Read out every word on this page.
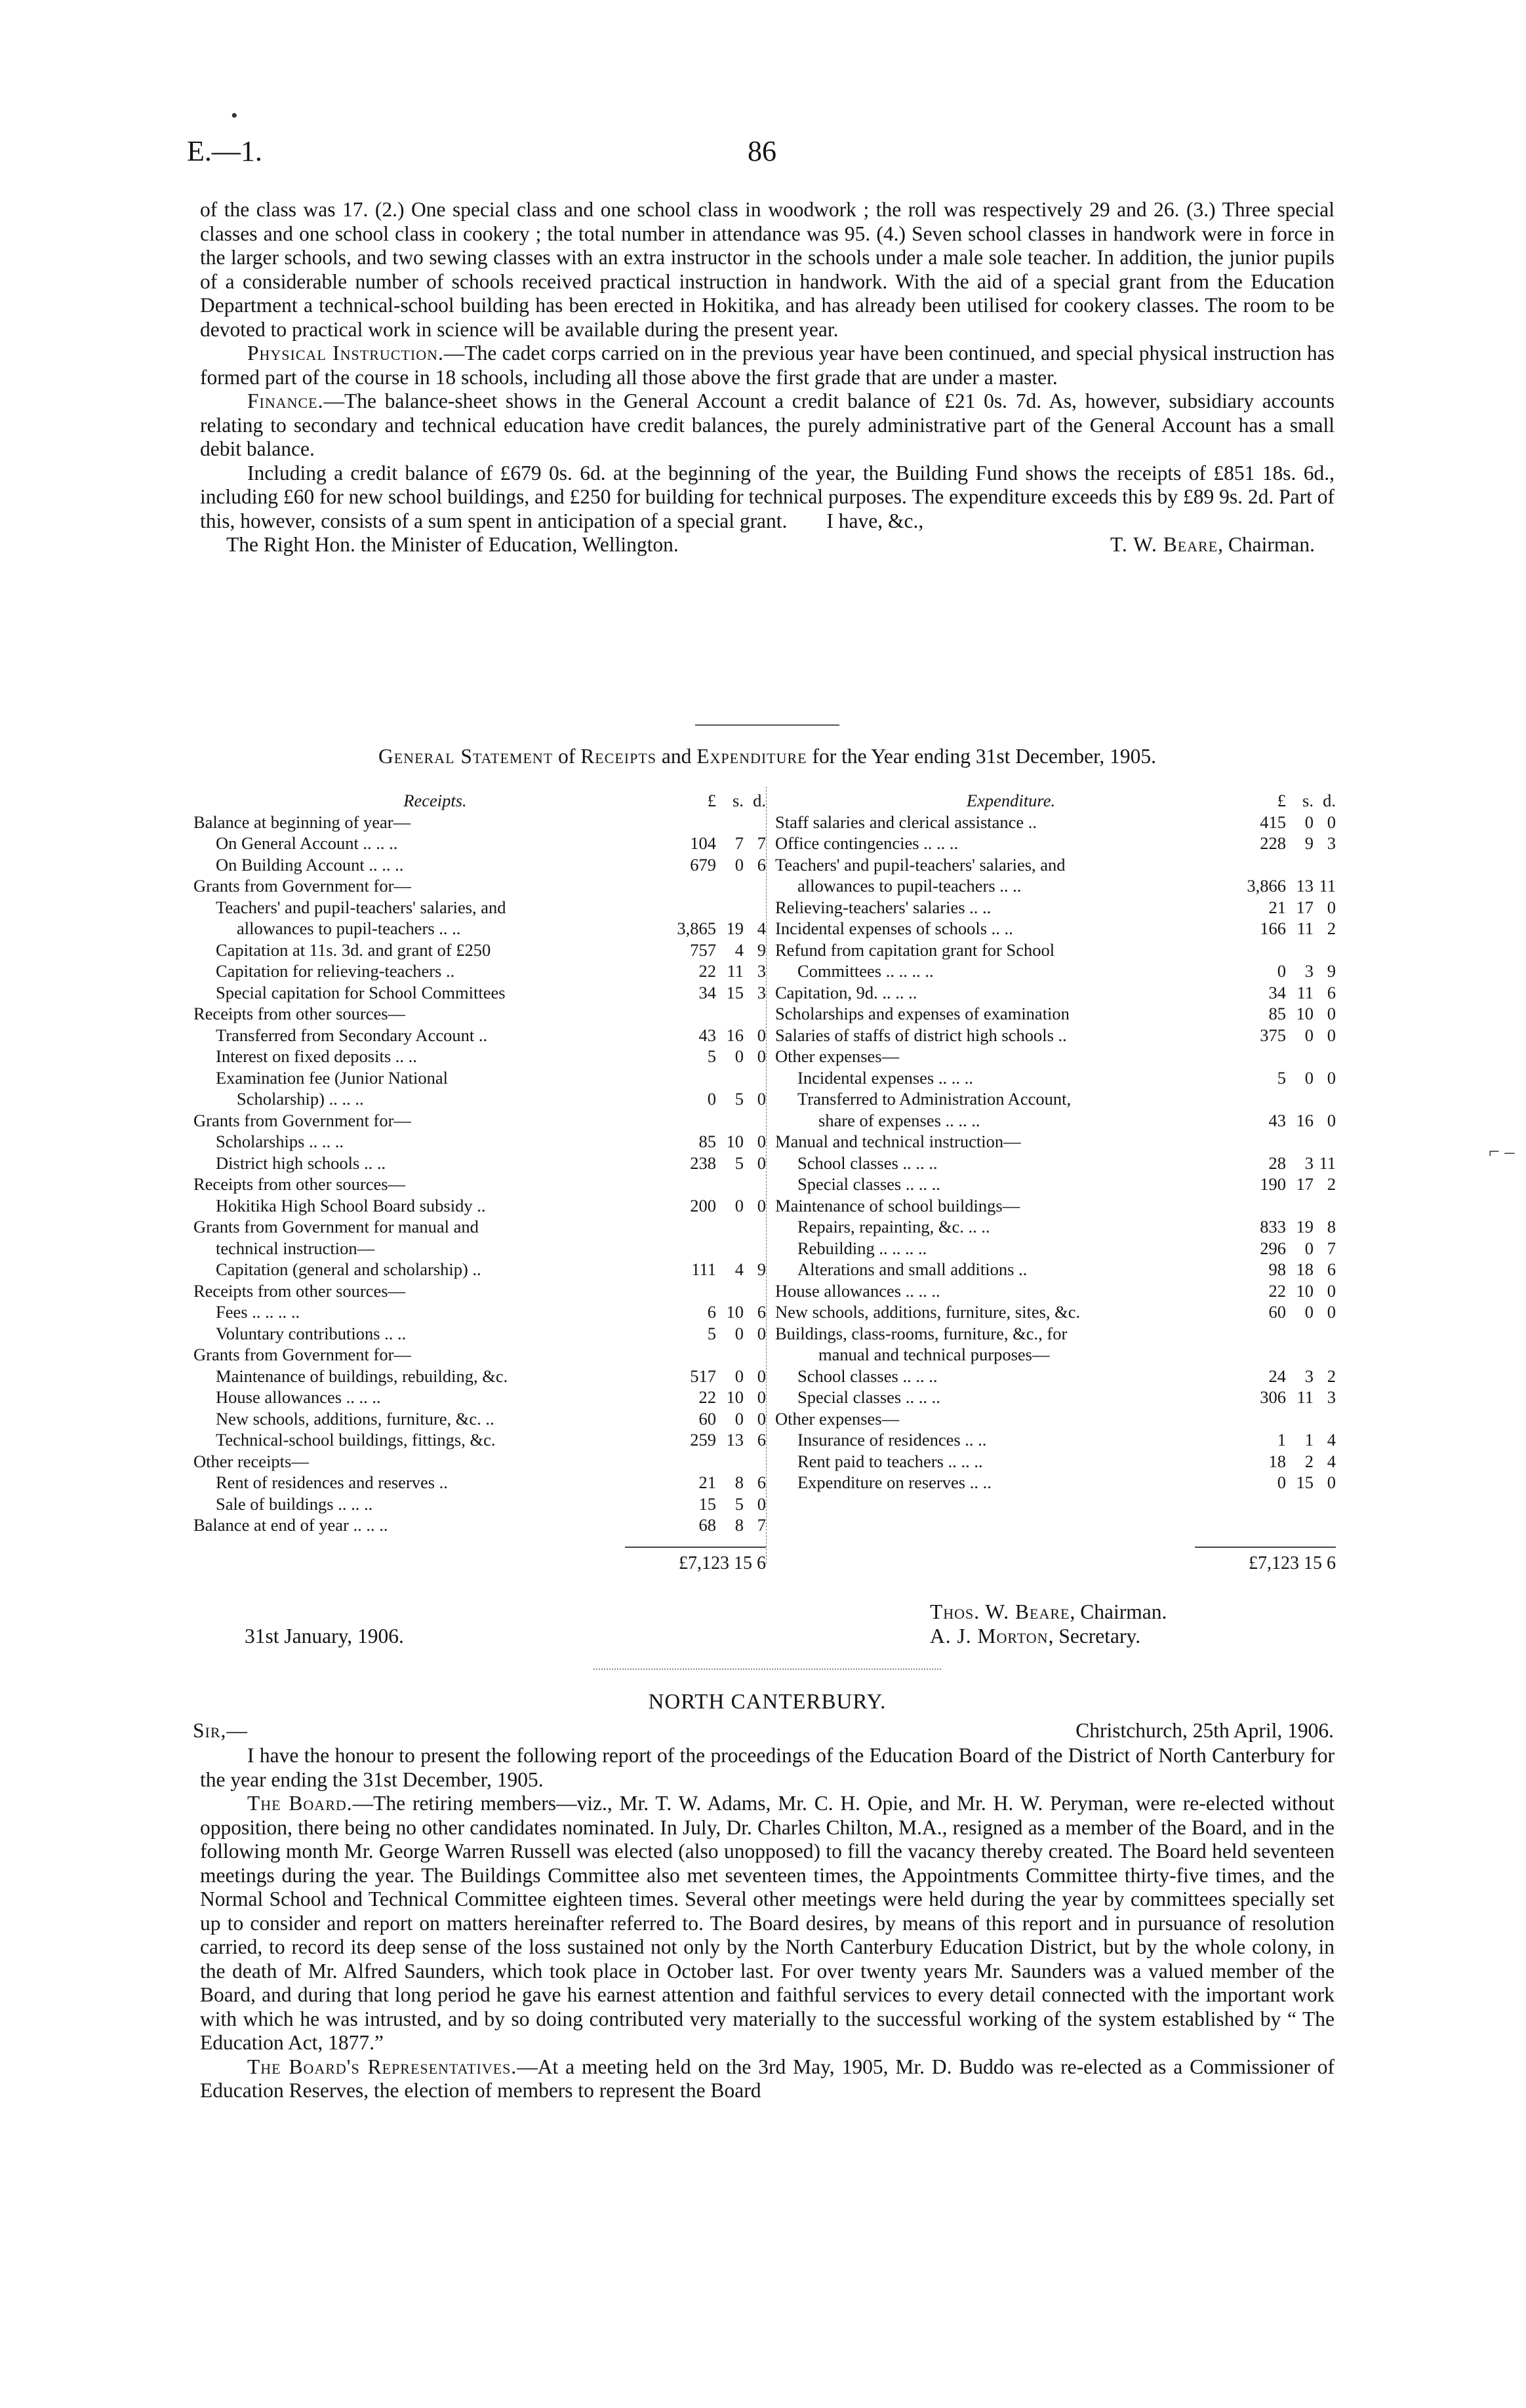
E.—1.	86

of the class was 17. (2.) One special class and one school class in woodwork ; the roll was respectively 29 and 26. (3.) Three special classes and one school class in cookery ; the total number in attendance was 95. (4.) Seven school classes in handwork were in force in the larger schools, and two sewing classes with an extra instructor in the schools under a male sole teacher. In addition, the junior pupils of a considerable number of schools received practical instruction in handwork. With the aid of a special grant from the Education Department a technical-school building has been erected in Hokitika, and has already been utilised for cookery classes. The room to be devoted to practical work in science will be available during the present year.

Physical Instruction.—The cadet corps carried on in the previous year have been continued, and special physical instruction has formed part of the course in 18 schools, including all those above the first grade that are under a master.

Finance.—The balance-sheet shows in the General Account a credit balance of £21 0s. 7d. As, however, subsidiary accounts relating to secondary and technical education have credit balances, the purely administrative part of the General Account has a small debit balance.

Including a credit balance of £679 0s. 6d. at the beginning of the year, the Building Fund shows the receipts of £851 18s. 6d., including £60 for new school buildings, and £250 for building for technical purposes. The expenditure exceeds this by £89 9s. 2d. Part of this, however, consists of a sum spent in anticipation of a special grant. I have, &c.,

The Right Hon. the Minister of Education, Wellington.	T. W. Beare, Chairman.
General Statement of Receipts and Expenditure for the Year ending 31st December, 1905.
Receipts.	£ s. d.
Balance at beginning of year—
On General Account .. .. ..	104	7 7
On Building Account .. .. ..	679	0 6
Grants from Government for—
Teachers' and pupil-teachers' salaries, and
allowances to pupil-teachers .. ..	3,865 19 4
Capitation at 11s. 3d. and grant of £250	757	4 9
Capitation for relieving-teachers ..	22 11 3
Special capitation for School Committees	34 15 3
Receipts from other sources—
Transferred from Secondary Account ..	43 16 0
Interest on fixed deposits .. ..	5	0 0
Examination fee (Junior National
Scholarship) .. .. ..	0	5 0
Grants from Government for—
Scholarships .. .. ..	85 10 0
District high schools .. ..	238	5 0
Receipts from other sources—
Hokitika High School Board subsidy ..	200	0 0
Grants from Government for manual and
technical instruction—
Capitation (general and scholarship) ..	111	4 9
Receipts from other sources—
Fees .. .. .. ..	6 10 6
Voluntary contributions .. ..	5	0 0
Grants from Government for—
Maintenance of buildings, rebuilding, &c.	517	0 0
House allowances .. .. ..	22 10 0
New schools, additions, furniture, &c. ..	60	0 0
Technical-school buildings, fittings, &c.	259 13 6
Other receipts—
Rent of residences and reserves ..	21	8 6
Sale of buildings .. .. ..	15	5 0
Balance at end of year .. .. ..	68	8 7
£7,123 15 6
Expenditure.	£ s. d.
Staff salaries and clerical assistance ..	415	0 0
Office contingencies .. .. ..	228	9 3
Teachers' and pupil-teachers' salaries, and
allowances to pupil-teachers .. ..	3,866 13 11
Relieving-teachers' salaries .. ..	21 17 0
Incidental expenses of schools .. ..	166 11 2
Refund from capitation grant for School
Committees .. .. .. ..	0	3 9
Capitation, 9d. .. .. ..	34 11 6
Scholarships and expenses of examination	85 10 0
Salaries of staffs of district high schools ..	375	0 0
Other expenses—
Incidental expenses .. .. ..	5	0 0
Transferred to Administration Account,
share of expenses .. .. ..	43 16 0
Manual and technical instruction—
School classes .. .. ..	28	3 11
Special classes .. .. ..	190 17 2
Maintenance of school buildings—
Repairs, repainting, &c. .. ..	833 19 8
Rebuilding .. .. .. ..	296	0 7
Alterations and small additions ..	98 18 6
House allowances .. .. ..	22 10 0
New schools, additions, furniture, sites, &c.	60	0 0
Buildings, class-rooms, furniture, &c., for
manual and technical purposes—
School classes .. .. ..	24	3 2
Special classes .. .. ..	306 11 3
Other expenses—
Insurance of residences .. ..	1	1 4
Rent paid to teachers .. .. ..	18	2 4
Expenditure on reserves .. ..	0 15 0
£7,123 15 6
Thos. W. Beare, Chairman.
A. J. Morton, Secretary.
31st January, 1906.
NORTH CANTERBURY.
Sir,—	Christchurch, 25th April, 1906.

I have the honour to present the following report of the proceedings of the Education Board of the District of North Canterbury for the year ending the 31st December, 1905.

The Board.—The retiring members—viz., Mr. T. W. Adams, Mr. C. H. Opie, and Mr. H. W. Peryman, were re-elected without opposition, there being no other candidates nominated. In July, Dr. Charles Chilton, M.A., resigned as a member of the Board, and in the following month Mr. George Warren Russell was elected (also unopposed) to fill the vacancy thereby created. The Board held seventeen meetings during the year. The Buildings Committee also met seventeen times, the Appointments Committee thirty-five times, and the Normal School and Technical Committee eighteen times. Several other meetings were held during the year by committees specially set up to consider and report on matters hereinafter referred to. The Board desires, by means of this report and in pursuance of resolution carried, to record its deep sense of the loss sustained not only by the North Canterbury Education District, but by the whole colony, in the death of Mr. Alfred Saunders, which took place in October last. For over twenty years Mr. Saunders was a valued member of the Board, and during that long period he gave his earnest attention and faithful services to every detail connected with the important work with which he was intrusted, and by so doing contributed very materially to the successful working of the system established by “ The Education Act, 1877.”

The Board's Representatives.—At a meeting held on the 3rd May, 1905, Mr. D. Buddo was re-elected as a Commissioner of Education Reserves, the election of members to represent the Board

•
⌐ –
